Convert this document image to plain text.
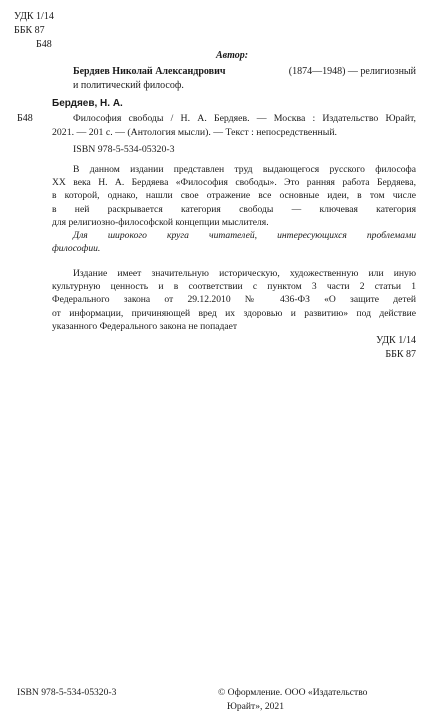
УДК 1/14
ББК 87
Б48
Автор:
Бердяев Николай Александрович	(1874—1948) — религиозный
и политический философ.
Бердяев, Н. А.
Б48	Философия свободы / Н. А. Бердяев. — Москва : Издательство Юрайт,
2021. — 201 с. — (Антология мысли). — Текст : непосредственный.
ISBN 978-5-534-05320-3
В данном издании представлен труд выдающегося русского философа
XX века Н. А. Бердяева «Философия свободы». Это ранняя работа Бердяева,
в которой, однако, нашли свое отражение все основные идеи, в том числе
в ней раскрывается категория свободы — ключевая категория
для религиозно-философской концепции мыслителя.
Для широкого круга читателей, интересующихся проблемами
философии.
Издание имеет значительную историческую, художественную или иную
культурную ценность и в соответствии с пунктом 3 части 2 статьи 1
Федерального закона от 29.12.2010 № 436-ФЗ «О защите детей
от информации, причиняющей вред их здоровью и развитию» под действие
указанного Федерального закона не попадает
УДК 1/14
ББК 87
ISBN 978-5-534-05320-3	© Оформление. ООО «Издательство
Юрайт», 2021
